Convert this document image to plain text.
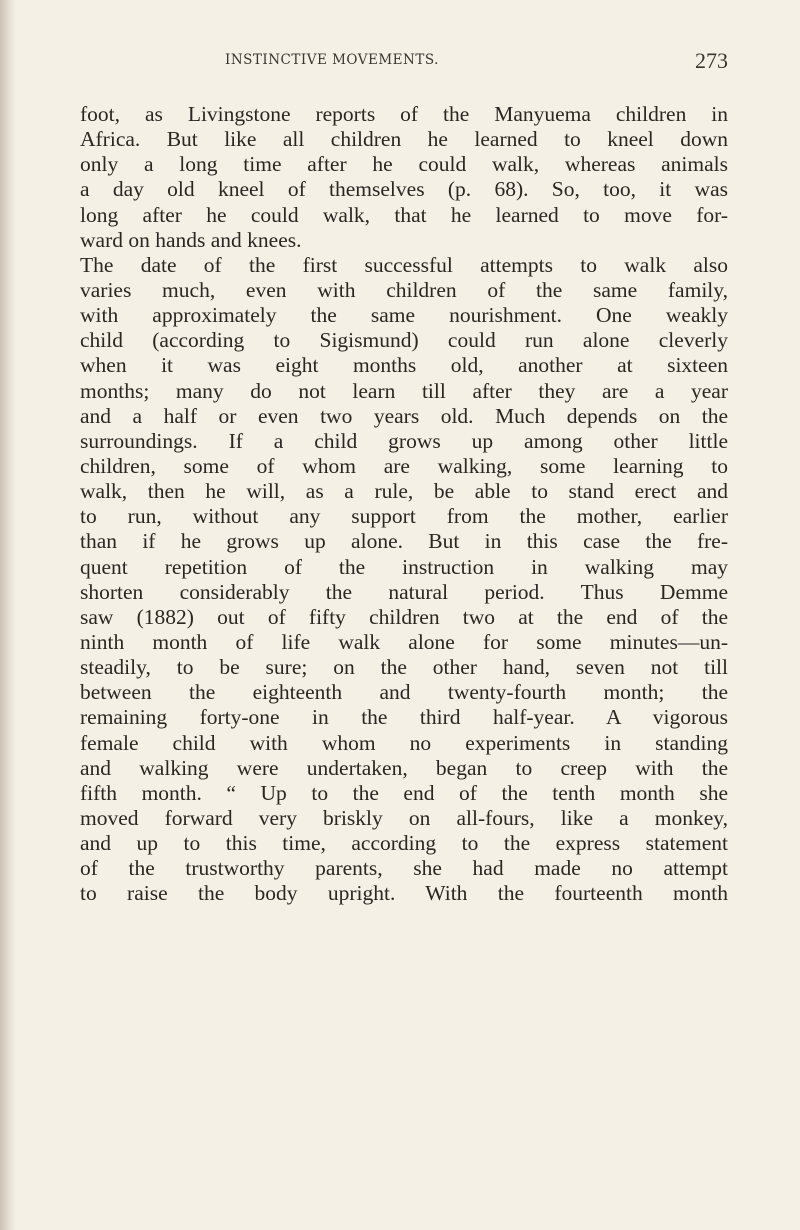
INSTINCTIVE MOVEMENTS.	273
foot, as Livingstone reports of the Manyuema children in
Africa. But like all children he learned to kneel down
only a long time after he could walk, whereas animals
a day old kneel of themselves (p. 68). So, too, it was
long after he could walk, that he learned to move for-
ward on hands and knees.
The date of the first successful attempts to walk also
varies much, even with children of the same family,
with approximately the same nourishment. One weakly
child (according to Sigismund) could run alone cleverly
when it was eight months old, another at sixteen
months; many do not learn till after they are a year
and a half or even two years old. Much depends on the
surroundings. If a child grows up among other little
children, some of whom are walking, some learning to
walk, then he will, as a rule, be able to stand erect and
to run, without any support from the mother, earlier
than if he grows up alone. But in this case the fre-
quent repetition of the instruction in walking may
shorten considerably the natural period. Thus Demme
saw (1882) out of fifty children two at the end of the
ninth month of life walk alone for some minutes—un-
steadily, to be sure; on the other hand, seven not till
between the eighteenth and twenty-fourth month; the
remaining forty-one in the third half-year. A vigorous
female child with whom no experiments in standing
and walking were undertaken, began to creep with the
fifth month. “ Up to the end of the tenth month she
moved forward very briskly on all-fours, like a monkey,
and up to this time, according to the express statement
of the trustworthy parents, she had made no attempt
to raise the body upright. With the fourteenth month
